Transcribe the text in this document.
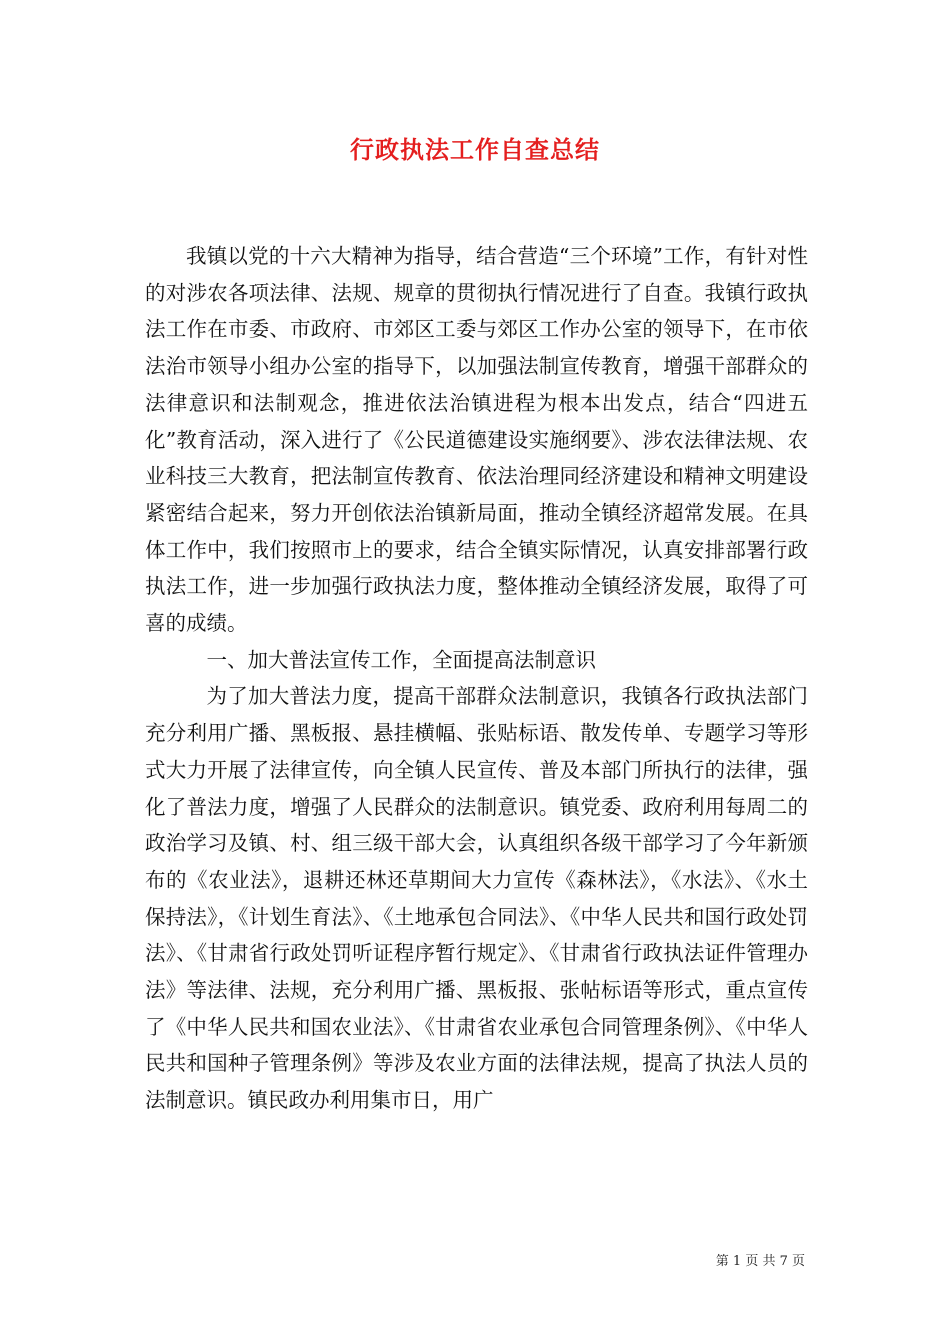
行政执法工作自查总结

我镇以党的十六大精神为指导，结合营造“三个环境”工作，有针对性的对涉农各项法律、法规、规章的贯彻执行情况进行了自查。我镇行政执法工作在市委、市政府、市郊区工委与郊区工作办公室的领导下，在市依法治市领导小组办公室的指导下，以加强法制宣传教育，增强干部群众的法律意识和法制观念，推进依法治镇进程为根本出发点，结合“四进五化”教育活动，深入进行了《公民道德建设实施纲要》、涉农法律法规、农业科技三大教育，把法制宣传教育、依法治理同经济建设和精神文明建设紧密结合起来，努力开创依法治镇新局面，推动全镇经济超常发展。在具体工作中，我们按照市上的要求，结合全镇实际情况，认真安排部署行政执法工作，进一步加强行政执法力度，整体推动全镇经济发展，取得了可喜的成绩。

一、加大普法宣传工作，全面提高法制意识

为了加大普法力度，提高干部群众法制意识，我镇各行政执法部门充分利用广播、黑板报、悬挂横幅、张贴标语、散发传单、专题学习等形式大力开展了法律宣传，向全镇人民宣传、普及本部门所执行的法律，强化了普法力度，增强了人民群众的法制意识。镇党委、政府利用每周二的政治学习及镇、村、组三级干部大会，认真组织各级干部学习了今年新颁布的《农业法》，退耕还林还草期间大力宣传《森林法》，《水法》、《水土保持法》，《计划生育法》、《土地承包合同法》、《中华人民共和国行政处罚法》、《甘肃省行政处罚听证程序暂行规定》、《甘肃省行政执法证件管理办法》等法律、法规，充分利用广播、黑板报、张帖标语等形式，重点宣传了《中华人民共和国农业法》、《甘肃省农业承包合同管理条例》、《中华人民共和国种子管理条例》等涉及农业方面的法律法规，提高了执法人员的法制意识。镇民政办利用集市日，用广

第 1 页 共 7 页
